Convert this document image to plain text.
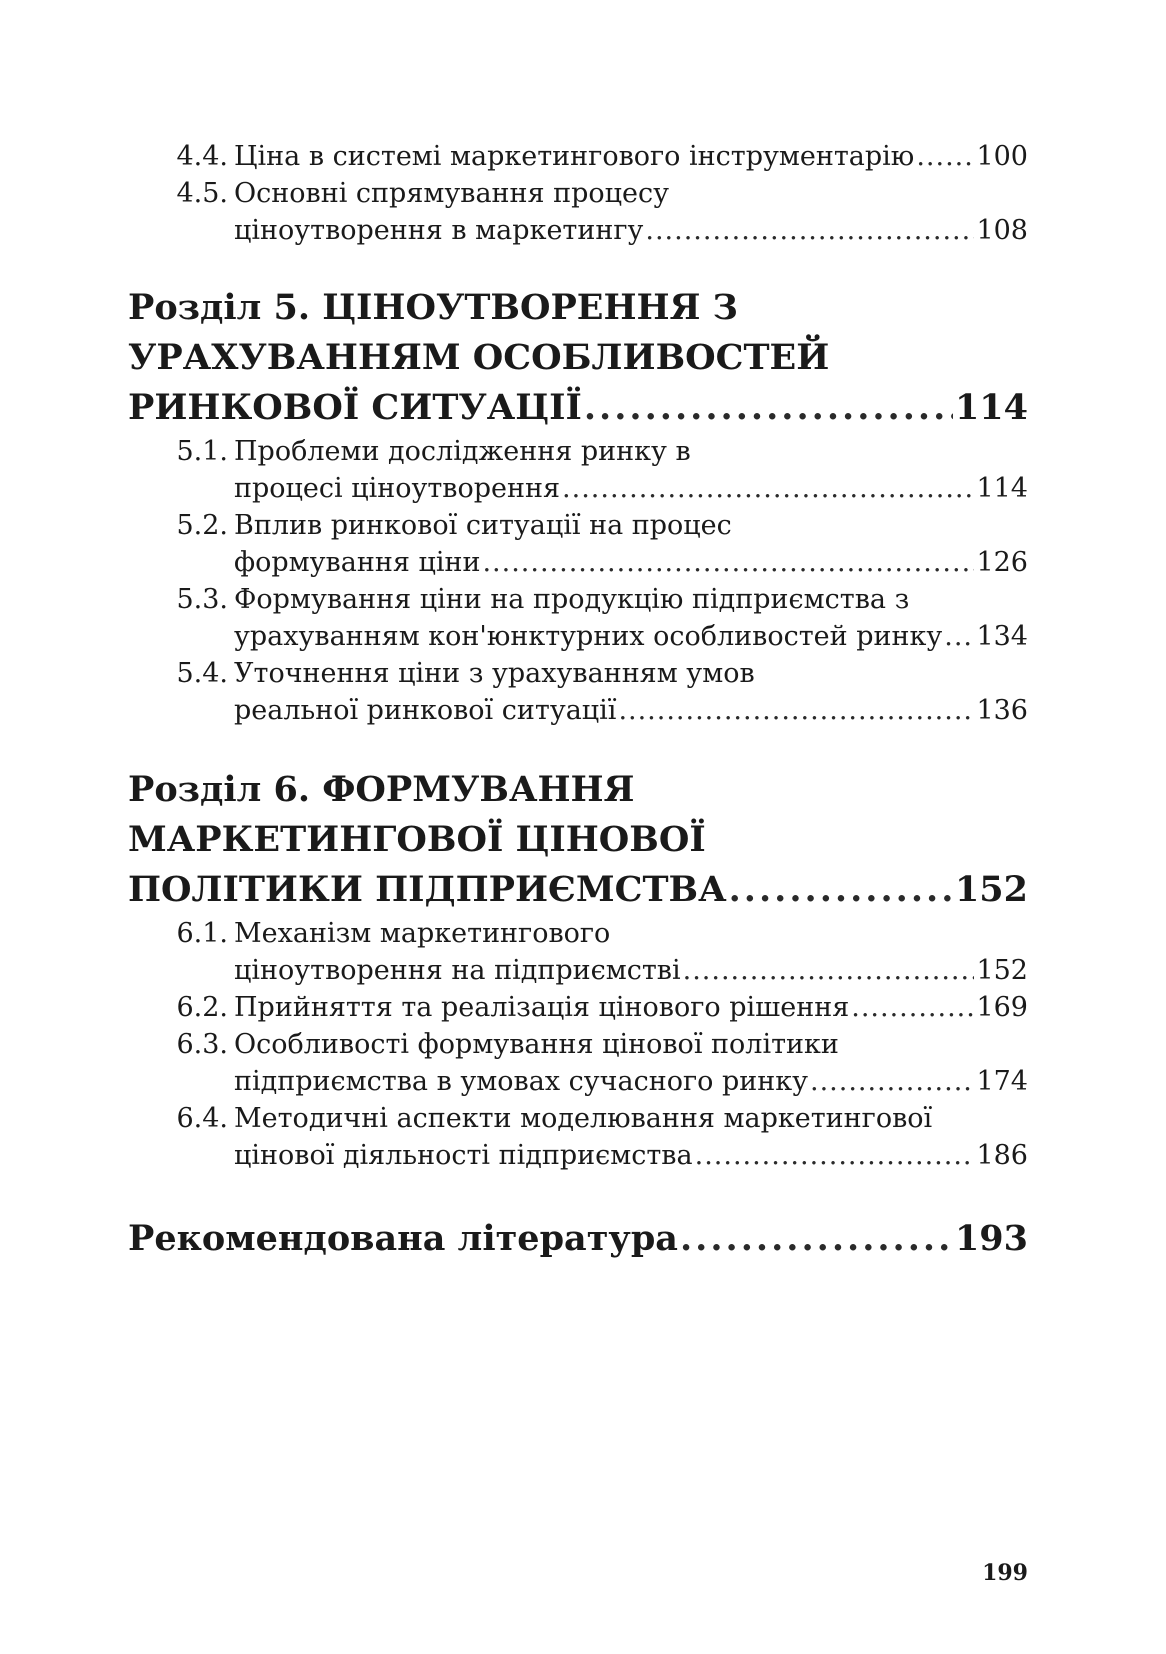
4.4. Ціна в системі маркетингового інструментарію ..... 100
4.5. Основні спрямування процесу
ціноутворення в маркетингу .....	108
Розділ 5. ЦІНОУТВОРЕННЯ З
УРАХУВАННЯМ ОСОБЛИВОСТЕЙ
РИНКОВОЇ СИТУАЦІЇ .....	114
5.1. Проблеми дослідження ринку в
процесі ціноутворення .....	114
5.2. Вплив ринкової ситуації на процес
формування ціни .....	126
5.3. Формування ціни на продукцію підприємства з
урахуванням кон'юнктурних особливостей ринку ..... 134
5.4. Уточнення ціни з урахуванням умов
реальної ринкової ситуації .....	136
Розділ 6. ФОРМУВАННЯ
МАРКЕТИНГОВОЇ ЦІНОВОЇ
ПОЛІТИКИ ПІДПРИЄМСТВА .....	152
6.1. Механізм маркетингового
ціноутворення на підприємстві .....	152
6.2. Прийняття та реалізація цінового рішення .....	169
6.3. Особливості формування цінової політики
підприємства в умовах сучасного ринку .....	174
6.4. Методичні аспекти моделювання маркетингової
цінової діяльності підприємства .....	186
Рекомендована література .....	193
199
